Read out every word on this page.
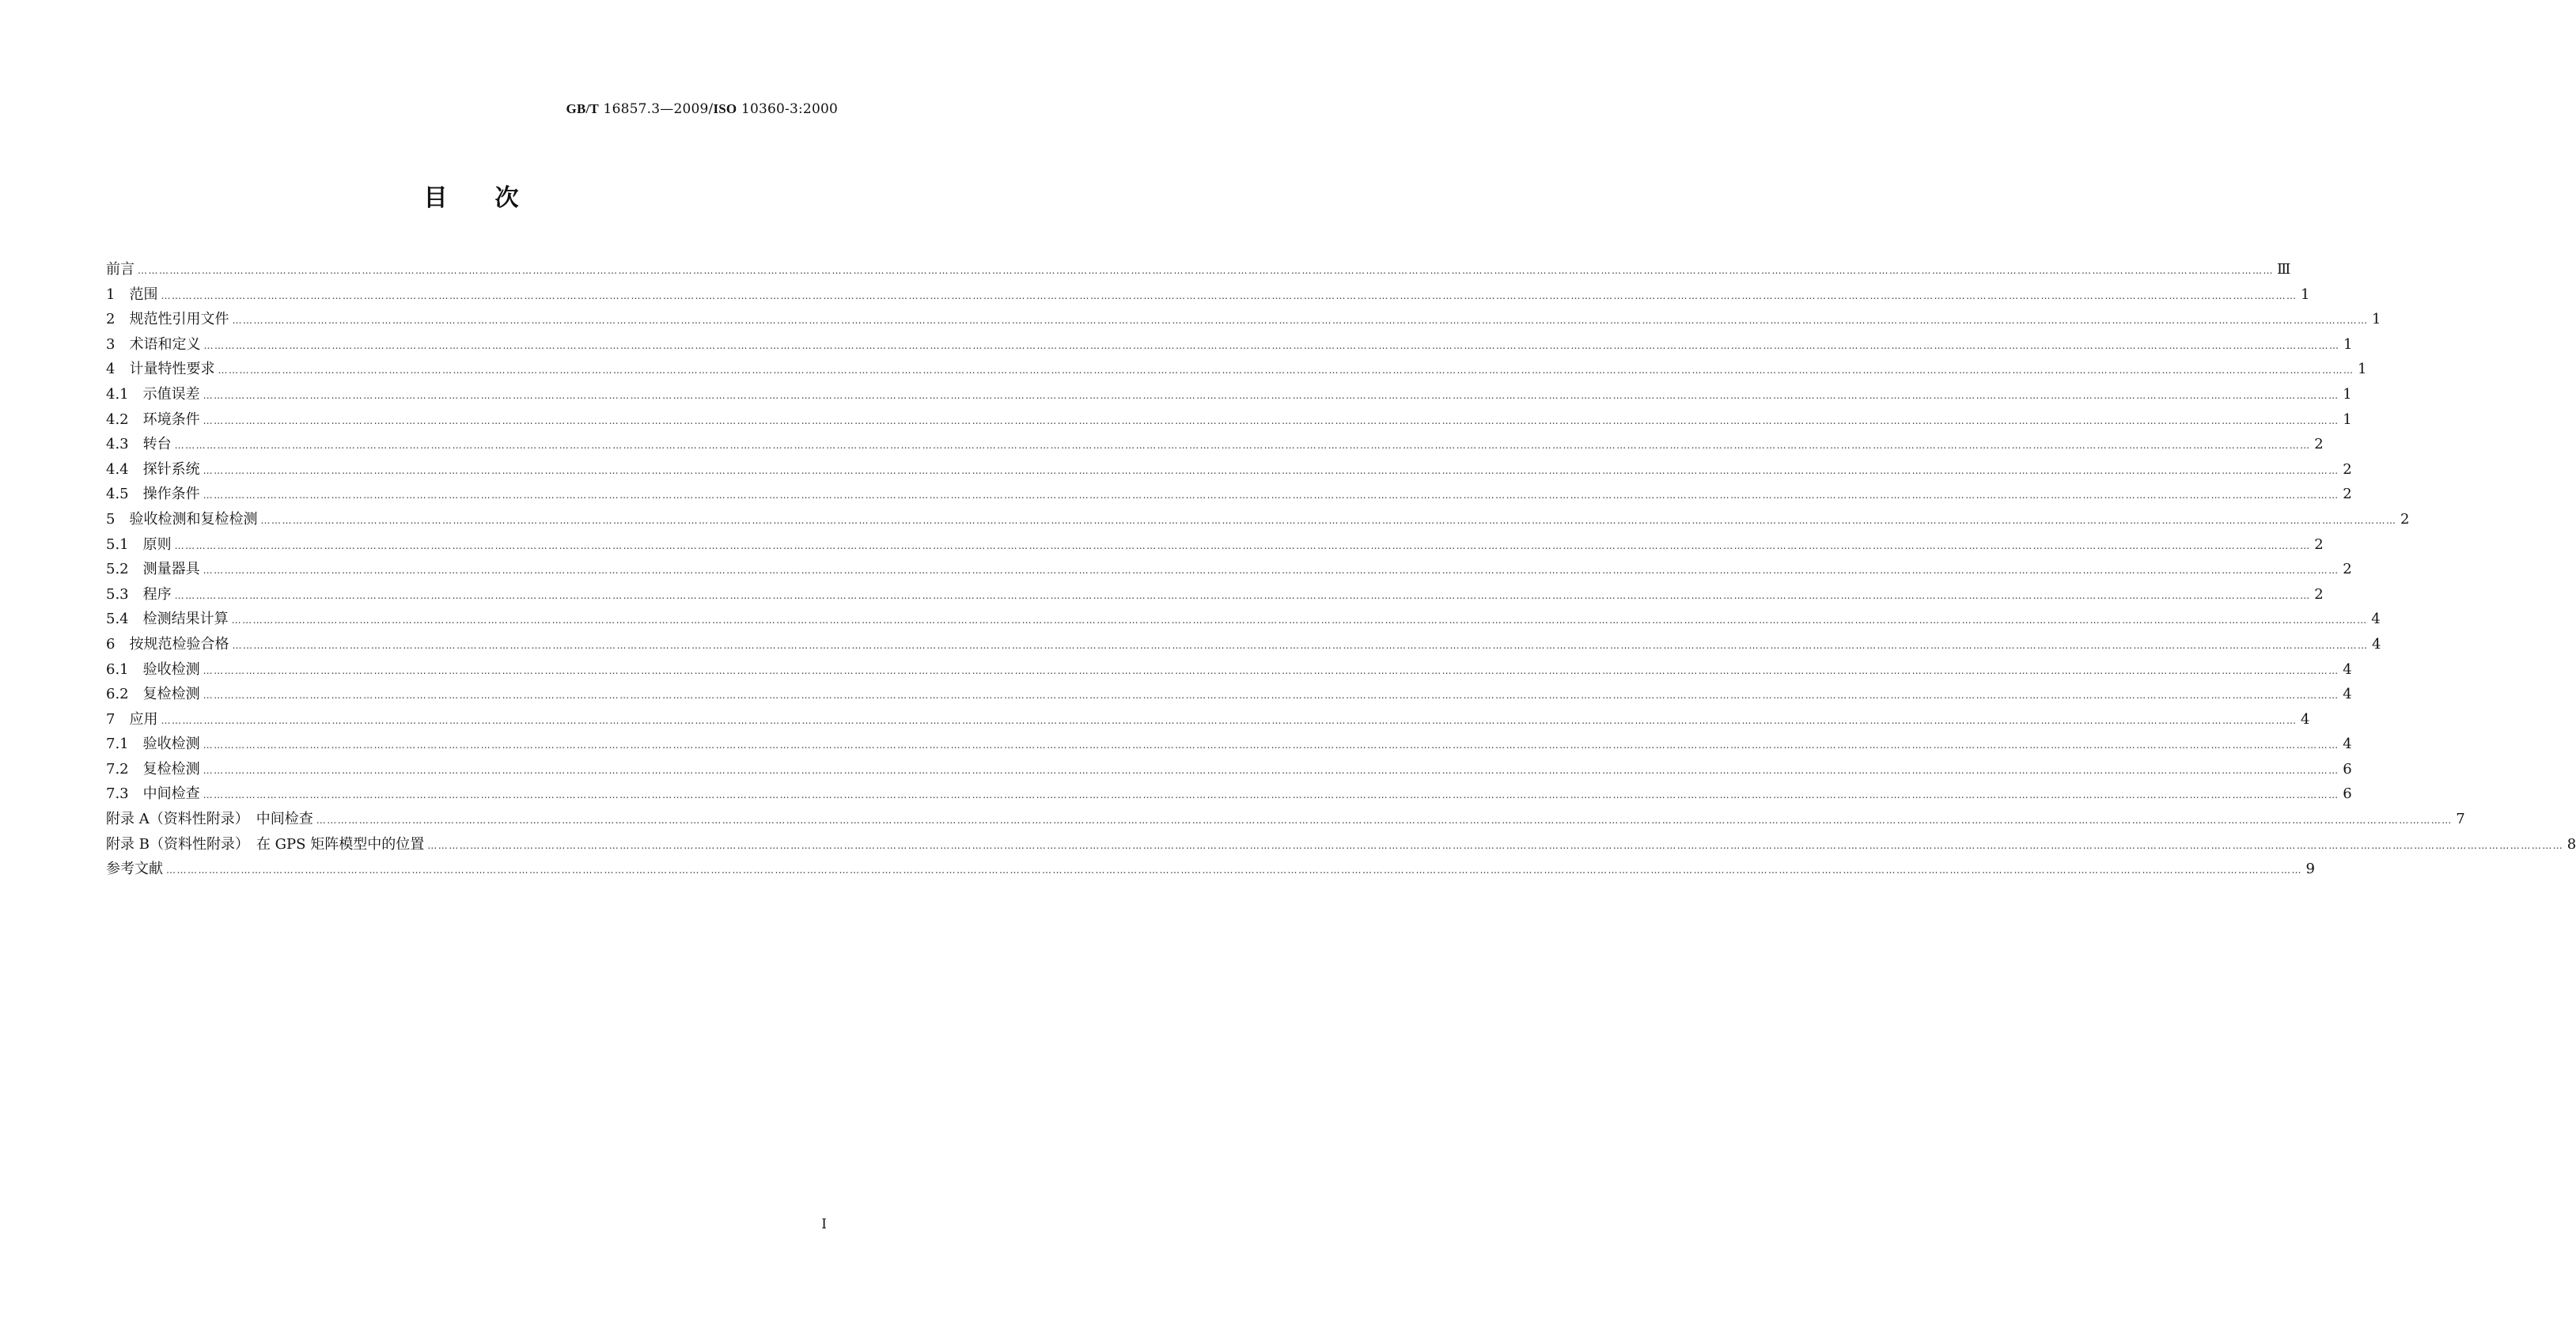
GB/T 16857.3—2009/ISO 10360-3:2000
目次
前言 …………………………………………………………………………………………………………………………………………………………………………………………………………………………………………………………………………………………………………………………………………………………………………………………………………………………………………………………………………………………………………………………………………………… Ⅲ
1　范围 …………………………………………………………………………………………………………………………………………………………………………………………………………………………………………………………………………………………………………………………………………………………………………………………………………………………………………………………………………………………………………………………………………………… 1
2　规范性引用文件 …………………………………………………………………………………………………………………………………………………………………………………………………………………………………………………………………………………………………………………………………………………………………………………………………………………………………………………………………………………………………………………………………………………… 1
3　术语和定义 …………………………………………………………………………………………………………………………………………………………………………………………………………………………………………………………………………………………………………………………………………………………………………………………………………………………………………………………………………………………………………………………………………………… 1
4　计量特性要求 …………………………………………………………………………………………………………………………………………………………………………………………………………………………………………………………………………………………………………………………………………………………………………………………………………………………………………………………………………………………………………………………………………………… 1
4.1　示值误差 …………………………………………………………………………………………………………………………………………………………………………………………………………………………………………………………………………………………………………………………………………………………………………………………………………………………………………………………………………………………………………………………………………………… 1
4.2　环境条件 …………………………………………………………………………………………………………………………………………………………………………………………………………………………………………………………………………………………………………………………………………………………………………………………………………………………………………………………………………………………………………………………………………………… 1
4.3　转台 …………………………………………………………………………………………………………………………………………………………………………………………………………………………………………………………………………………………………………………………………………………………………………………………………………………………………………………………………………………………………………………………………………………… 2
4.4　探针系统 …………………………………………………………………………………………………………………………………………………………………………………………………………………………………………………………………………………………………………………………………………………………………………………………………………………………………………………………………………………………………………………………………………………… 2
4.5　操作条件 …………………………………………………………………………………………………………………………………………………………………………………………………………………………………………………………………………………………………………………………………………………………………………………………………………………………………………………………………………………………………………………………………………………… 2
5　验收检测和复检检测 …………………………………………………………………………………………………………………………………………………………………………………………………………………………………………………………………………………………………………………………………………………………………………………………………………………………………………………………………………………………………………………………………………………… 2
5.1　原则 …………………………………………………………………………………………………………………………………………………………………………………………………………………………………………………………………………………………………………………………………………………………………………………………………………………………………………………………………………………………………………………………………………………… 2
5.2　测量器具 …………………………………………………………………………………………………………………………………………………………………………………………………………………………………………………………………………………………………………………………………………………………………………………………………………………………………………………………………………………………………………………………………………………… 2
5.3　程序 …………………………………………………………………………………………………………………………………………………………………………………………………………………………………………………………………………………………………………………………………………………………………………………………………………………………………………………………………………………………………………………………………………………… 2
5.4　检测结果计算 …………………………………………………………………………………………………………………………………………………………………………………………………………………………………………………………………………………………………………………………………………………………………………………………………………………………………………………………………………………………………………………………………………………… 4
6　按规范检验合格 …………………………………………………………………………………………………………………………………………………………………………………………………………………………………………………………………………………………………………………………………………………………………………………………………………………………………………………………………………………………………………………………………………………… 4
6.1　验收检测 …………………………………………………………………………………………………………………………………………………………………………………………………………………………………………………………………………………………………………………………………………………………………………………………………………………………………………………………………………………………………………………………………………………… 4
6.2　复检检测 …………………………………………………………………………………………………………………………………………………………………………………………………………………………………………………………………………………………………………………………………………………………………………………………………………………………………………………………………………………………………………………………………………………… 4
7　应用 …………………………………………………………………………………………………………………………………………………………………………………………………………………………………………………………………………………………………………………………………………………………………………………………………………………………………………………………………………………………………………………………………………………… 4
7.1　验收检测 …………………………………………………………………………………………………………………………………………………………………………………………………………………………………………………………………………………………………………………………………………………………………………………………………………………………………………………………………………………………………………………………………………………… 4
7.2　复检检测 …………………………………………………………………………………………………………………………………………………………………………………………………………………………………………………………………………………………………………………………………………………………………………………………………………………………………………………………………………………………………………………………………………………… 6
7.3　中间检查 …………………………………………………………………………………………………………………………………………………………………………………………………………………………………………………………………………………………………………………………………………………………………………………………………………………………………………………………………………………………………………………………………………………… 6
附录 A（资料性附录）　中间检查 …………………………………………………………………………………………………………………………………………………………………………………………………………………………………………………………………………………………………………………………………………………………………………………………………………………………………………………………………………………………………………………………………………………… 7
附录 B（资料性附录）　在 GPS 矩阵模型中的位置 …………………………………………………………………………………………………………………………………………………………………………………………………………………………………………………………………………………………………………………………………………………………………………………………………………………………………………………………………………………………………………………………………………………… 8
参考文献 …………………………………………………………………………………………………………………………………………………………………………………………………………………………………………………………………………………………………………………………………………………………………………………………………………………………………………………………………………………………………………………………………………………… 9
Ⅰ
